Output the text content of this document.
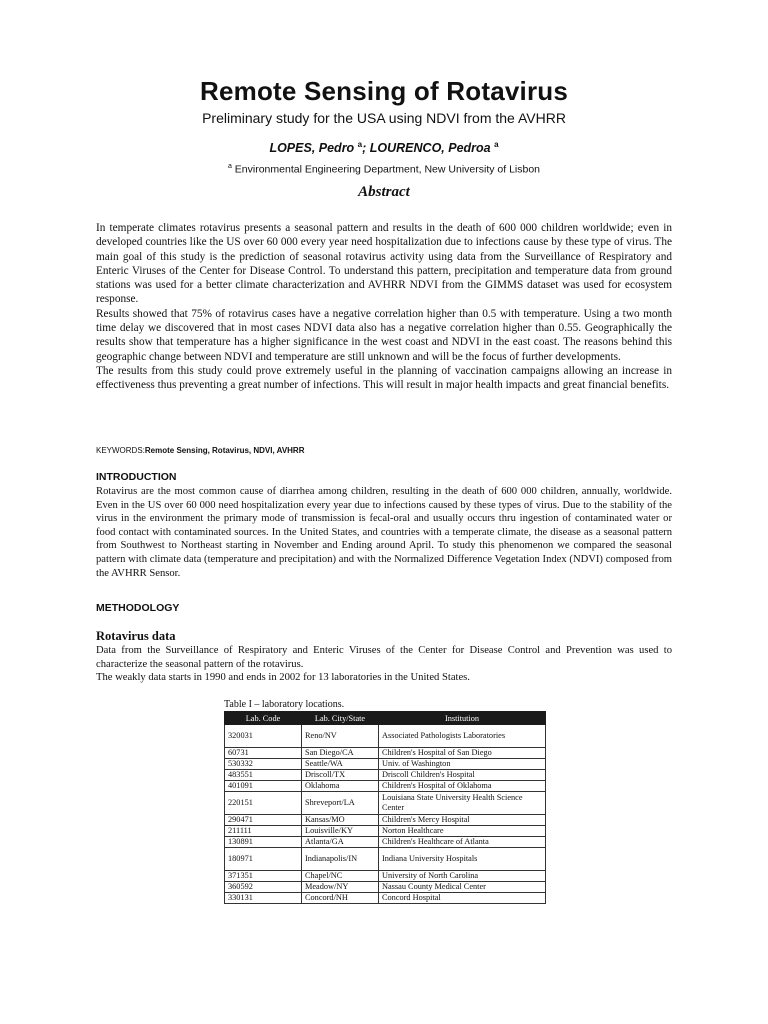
Remote Sensing of Rotavirus
Preliminary study for the USA using NDVI from the AVHRR
LOPES, Pedro $^a$; LOURENCO, Pedroa $^a$
$^a$ Environmental Engineering Department, New University of Lisbon
Abstract

In temperate climates rotavirus presents a seasonal pattern and results in the death of 600 000 children worldwide; even in developed countries like the US over 60 000 every year need hospitalization due to infections cause by these type of virus. The main goal of this study is the prediction of seasonal rotavirus activity using data from the Surveillance of Respiratory and Enteric Viruses of the Center for Disease Control. To understand this pattern, precipitation and temperature data from ground stations was used for a better climate characterization and AVHRR NDVI from the GIMMS dataset was used for ecosystem response.

Results showed that 75% of rotavirus cases have a negative correlation higher than 0.5 with temperature. Using a two month time delay we discovered that in most cases NDVI data also has a negative correlation higher than 0.55. Geographically the results show that temperature has a higher significance in the west coast and NDVI in the east coast. The reasons behind this geographic change between NDVI and temperature are still unknown and will be the focus of further developments.

The results from this study could prove extremely useful in the planning of vaccination campaigns allowing an increase in effectiveness thus preventing a great number of infections. This will result in major health impacts and great financial benefits.

KEYWORDS:Remote Sensing, Rotavirus, NDVI, AVHRR
INTRODUCTION

Rotavirus are the most common cause of diarrhea among children, resulting in the death of 600 000 children, annually, worldwide. Even in the US over 60 000 need hospitalization every year due to infections caused by these types of virus. Due to the stability of the virus in the environment the primary mode of transmission is fecal-oral and usually occurs thru ingestion of contaminated water or food contact with contaminated sources. In the United States, and countries with a temperate climate, the disease as a seasonal pattern from Southwest to Northeast starting in November and Ending around April. To study this phenomenon we compared the seasonal pattern with climate data (temperature and precipitation) and with the Normalized Difference Vegetation Index (NDVI) composed from the AVHRR Sensor.

METHODOLOGY
Rotavirus data

Data from the Surveillance of Respiratory and Enteric Viruses of the Center for Disease Control and Prevention was used to characterize the seasonal pattern of the rotavirus.

The weakly data starts in 1990 and ends in 2002 for 13 laboratories in the United States.

Table I – laboratory locations.
Lab. Code	Lab. City/State	Institution
320031	Reno/NV	Associated Pathologists Laboratories
60731	San Diego/CA	Children's Hospital of San Diego
530332	Seattle/WA	Univ. of Washington
483551	Driscoll/TX	Driscoll Children's Hospital
401091	Oklahoma	Children's Hospital of Oklahoma
220151	Shreveport/LA	Louisiana State University Health Science Center
290471	Kansas/MO	Children's Mercy Hospital
211111	Louisville/KY	Norton Healthcare
130891	Atlanta/GA	Children's Healthcare of Atlanta
180971	Indianapolis/IN	Indiana University Hospitals
371351	Chapel/NC	University of North Carolina
360592	Meadow/NY	Nassau County Medical Center
330131	Concord/NH	Concord Hospital
